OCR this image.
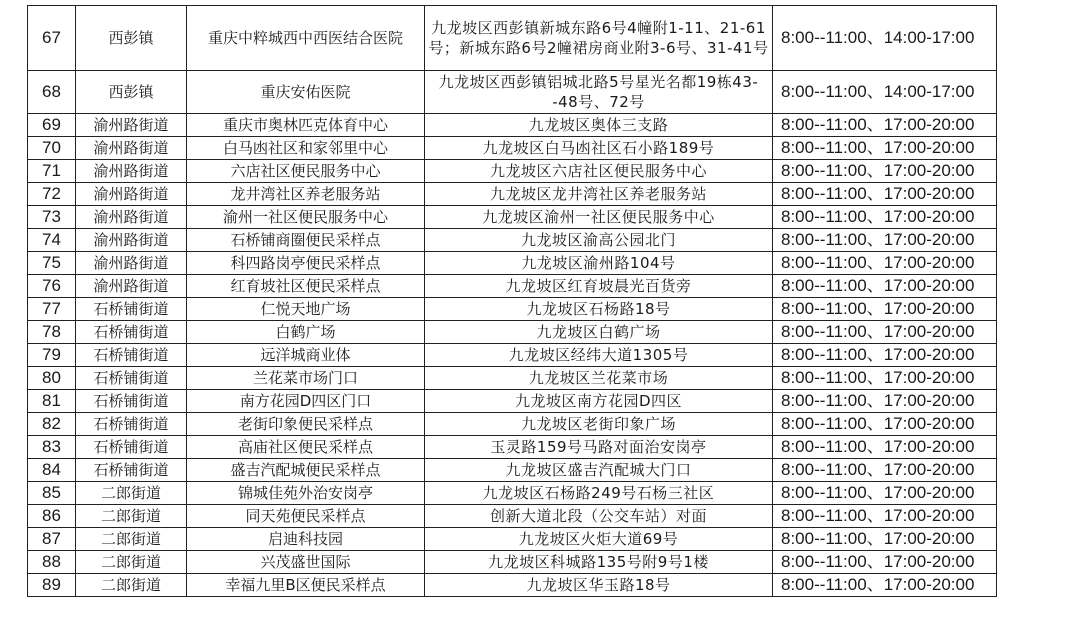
67	西彭镇	重庆中粹城西中西医结合医院	九龙坡区西彭镇新城东路6号4幢附1-11、21-61号；新城东路6号2幢裙房商业附3-6号、31-41号	8:00--11:00、14:00-17:00
68	西彭镇	重庆安佑医院	九龙坡区西彭镇铝城北路5号星光名都19栋43--48号、72号	8:00--11:00、14:00-17:00
69	渝州路街道	重庆市奥林匹克体育中心	九龙坡区奥体三支路	8:00--11:00、17:00-20:00
70	渝州路街道	白马凼社区和家邻里中心	九龙坡区白马凼社区石小路189号	8:00--11:00、17:00-20:00
71	渝州路街道	六店社区便民服务中心	九龙坡区六店社区便民服务中心	8:00--11:00、17:00-20:00
72	渝州路街道	龙井湾社区养老服务站	九龙坡区龙井湾社区养老服务站	8:00--11:00、17:00-20:00
73	渝州路街道	渝州一社区便民服务中心	九龙坡区渝州一社区便民服务中心	8:00--11:00、17:00-20:00
74	渝州路街道	石桥铺商圈便民采样点	九龙坡区渝高公园北门	8:00--11:00、17:00-20:00
75	渝州路街道	科四路岗亭便民采样点	九龙坡区渝州路104号	8:00--11:00、17:00-20:00
76	渝州路街道	红育坡社区便民采样点	九龙坡区红育坡晨光百货旁	8:00--11:00、17:00-20:00
77	石桥铺街道	仁悦天地广场	九龙坡区石杨路18号	8:00--11:00、17:00-20:00
78	石桥铺街道	白鹤广场	九龙坡区白鹤广场	8:00--11:00、17:00-20:00
79	石桥铺街道	远洋城商业体	九龙坡区经纬大道1305号	8:00--11:00、17:00-20:00
80	石桥铺街道	兰花菜市场门口	九龙坡区兰花菜市场	8:00--11:00、17:00-20:00
81	石桥铺街道	南方花园D四区门口	九龙坡区南方花园D四区	8:00--11:00、17:00-20:00
82	石桥铺街道	老街印象便民采样点	九龙坡区老街印象广场	8:00--11:00、17:00-20:00
83	石桥铺街道	高庙社区便民采样点	玉灵路159号马路对面治安岗亭	8:00--11:00、17:00-20:00
84	石桥铺街道	盛吉汽配城便民采样点	九龙坡区盛吉汽配城大门口	8:00--11:00、17:00-20:00
85	二郎街道	锦城佳苑外治安岗亭	九龙坡区石杨路249号石杨三社区	8:00--11:00、17:00-20:00
86	二郎街道	同天苑便民采样点	创新大道北段（公交车站）对面	8:00--11:00、17:00-20:00
87	二郎街道	启迪科技园	九龙坡区火炬大道69号	8:00--11:00、17:00-20:00
88	二郎街道	兴茂盛世国际	九龙坡区科城路135号附9号1楼	8:00--11:00、17:00-20:00
89	二郎街道	幸福九里B区便民采样点	九龙坡区华玉路18号	8:00--11:00、17:00-20:00
